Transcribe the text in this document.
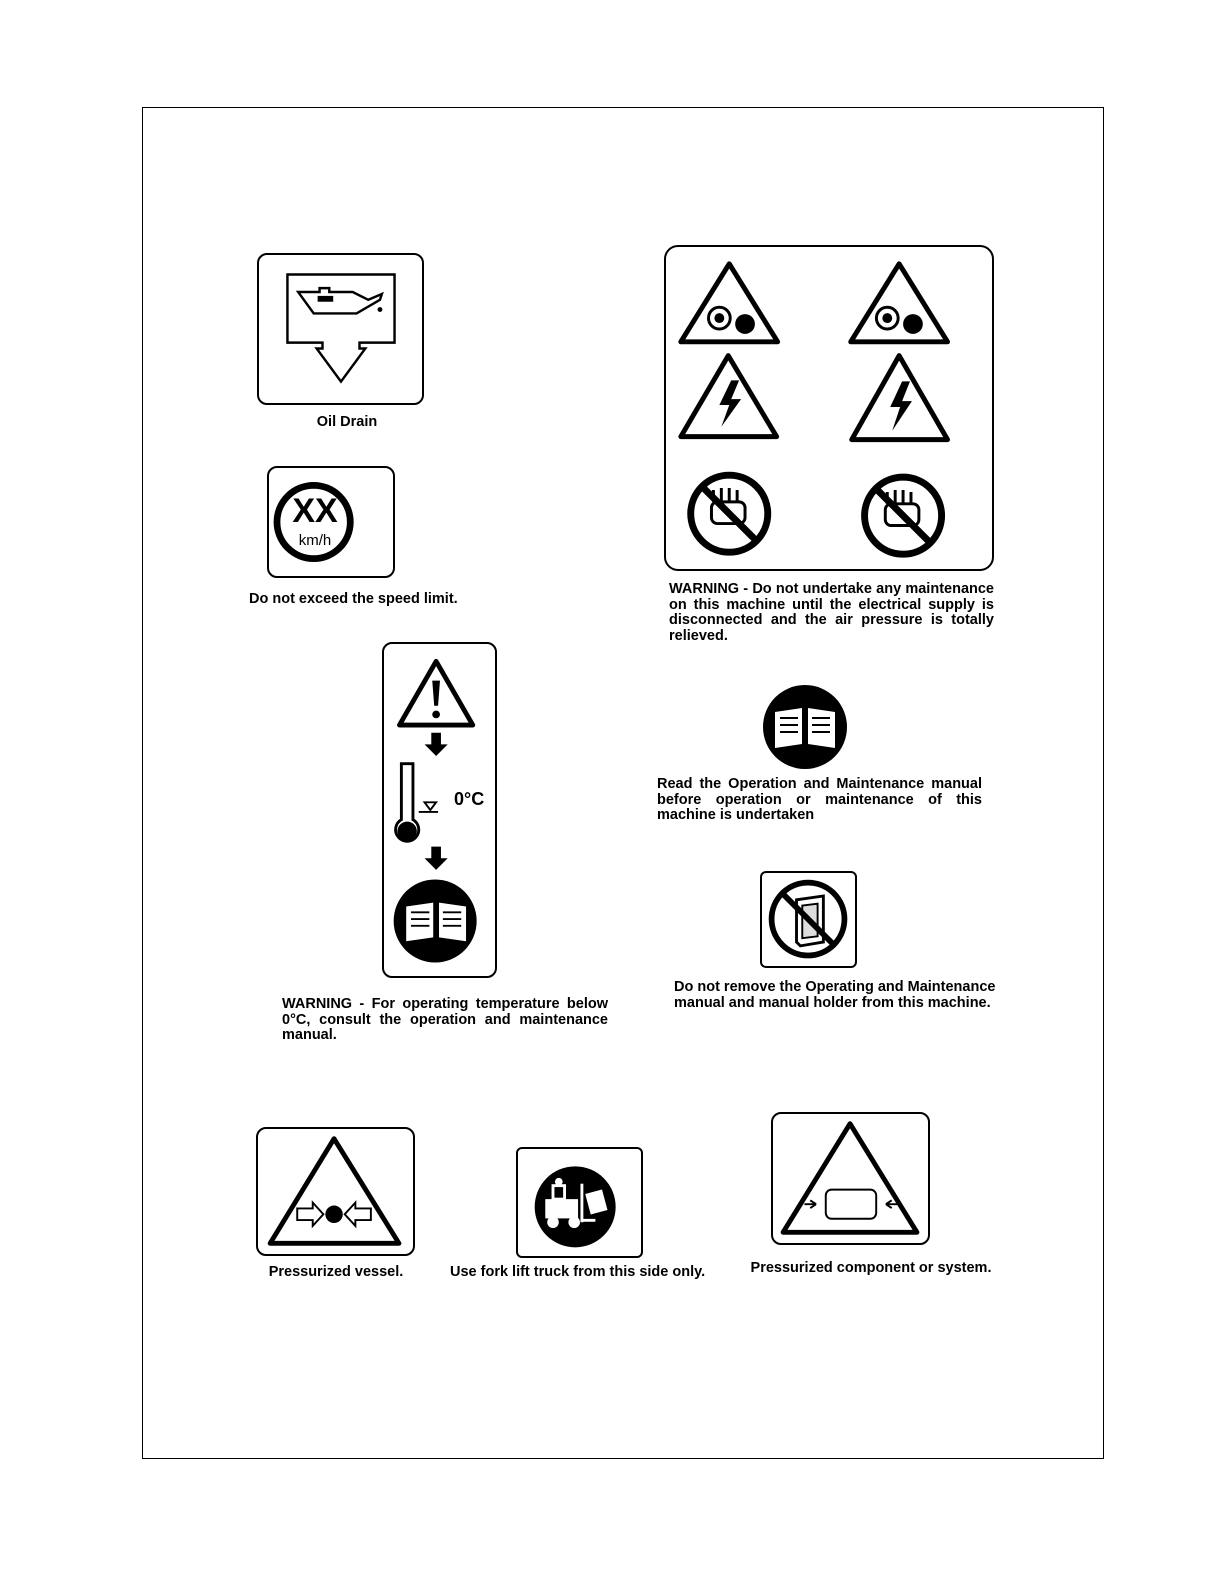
Oil Drain
XX
km/h
Do not exceed the speed limit.
WARNING - Do not undertake any maintenance on this machine until the electrical supply is disconnected and the air pressure is totally relieved.
0°C
WARNING - For operating temperature below 0°C, consult the operation and maintenance manual.
Read the Operation and Maintenance manual before operation or maintenance of this machine is undertaken
Do not remove the Operating and Maintenance manual and manual holder from this machine.
Pressurized vessel.	Use fork lift truck from this side only.	Pressurized component or system.
